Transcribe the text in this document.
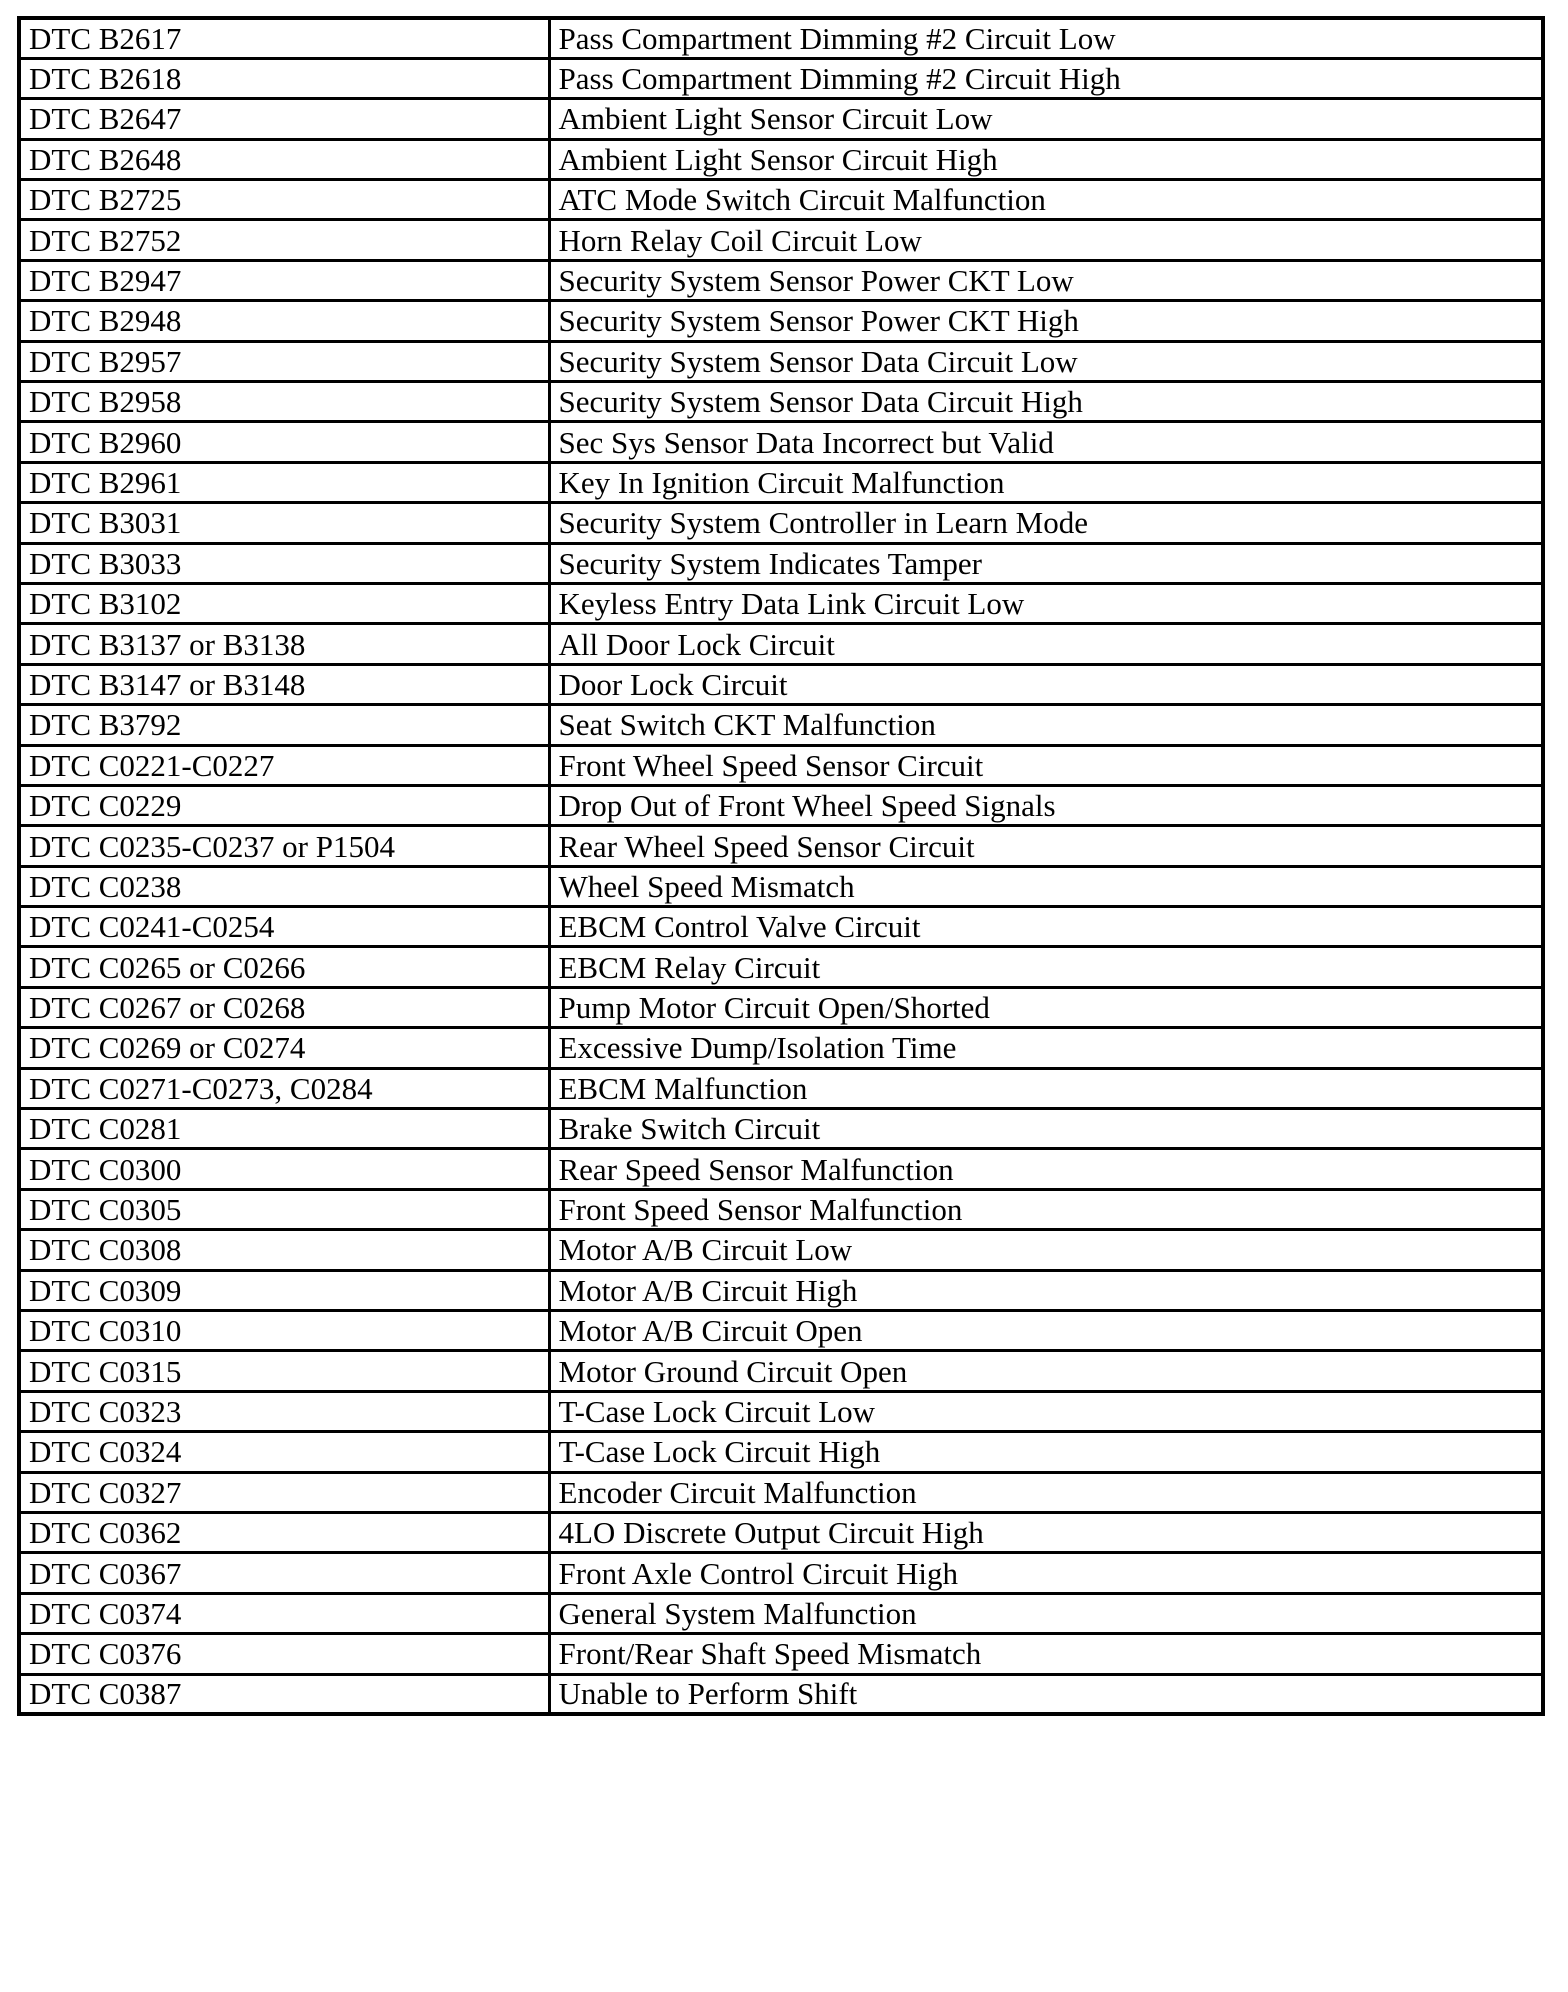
DTC B2617	Pass Compartment Dimming #2 Circuit Low
DTC B2618	Pass Compartment Dimming #2 Circuit High
DTC B2647	Ambient Light Sensor Circuit Low
DTC B2648	Ambient Light Sensor Circuit High
DTC B2725	ATC Mode Switch Circuit Malfunction
DTC B2752	Horn Relay Coil Circuit Low
DTC B2947	Security System Sensor Power CKT Low
DTC B2948	Security System Sensor Power CKT High
DTC B2957	Security System Sensor Data Circuit Low
DTC B2958	Security System Sensor Data Circuit High
DTC B2960	Sec Sys Sensor Data Incorrect but Valid
DTC B2961	Key In Ignition Circuit Malfunction
DTC B3031	Security System Controller in Learn Mode
DTC B3033	Security System Indicates Tamper
DTC B3102	Keyless Entry Data Link Circuit Low
DTC B3137 or B3138	All Door Lock Circuit
DTC B3147 or B3148	Door Lock Circuit
DTC B3792	Seat Switch CKT Malfunction
DTC C0221-C0227	Front Wheel Speed Sensor Circuit
DTC C0229	Drop Out of Front Wheel Speed Signals
DTC C0235-C0237 or P1504	Rear Wheel Speed Sensor Circuit
DTC C0238	Wheel Speed Mismatch
DTC C0241-C0254	EBCM Control Valve Circuit
DTC C0265 or C0266	EBCM Relay Circuit
DTC C0267 or C0268	Pump Motor Circuit Open/Shorted
DTC C0269 or C0274	Excessive Dump/Isolation Time
DTC C0271-C0273, C0284	EBCM Malfunction
DTC C0281	Brake Switch Circuit
DTC C0300	Rear Speed Sensor Malfunction
DTC C0305	Front Speed Sensor Malfunction
DTC C0308	Motor A/B Circuit Low
DTC C0309	Motor A/B Circuit High
DTC C0310	Motor A/B Circuit Open
DTC C0315	Motor Ground Circuit Open
DTC C0323	T-Case Lock Circuit Low
DTC C0324	T-Case Lock Circuit High
DTC C0327	Encoder Circuit Malfunction
DTC C0362	4LO Discrete Output Circuit High
DTC C0367	Front Axle Control Circuit High
DTC C0374	General System Malfunction
DTC C0376	Front/Rear Shaft Speed Mismatch
DTC C0387	Unable to Perform Shift
